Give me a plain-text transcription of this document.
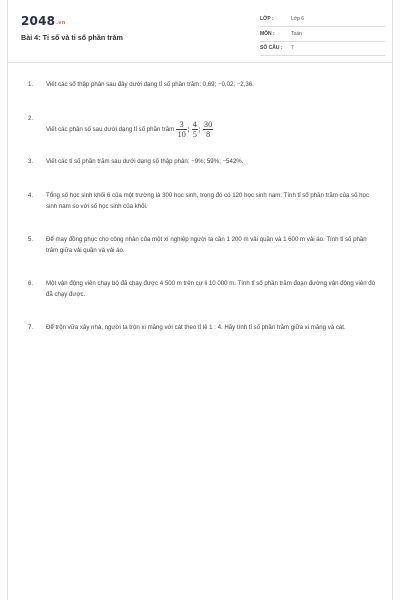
2048.vn
Bài 4: Tỉ số và tỉ số phần trăm
LỚP :	Lớp 6
MÔN :	Toán
SỐ CÂU : 7
1. Viết các số thập phân sau đây dưới dạng tỉ số phần trăm: 0,69; −0,02; −2,36.
2.
Viết các phân số sau dưới dạng tỉ số phần trăm $\frac{3}{10}$ ; $\frac{4}{5}$ ; $\frac{30}{8}$
3. Viết các tỉ số phần trăm sau dưới dạng số thập phân: −9%; 59%; −542%.
4. Tổng số học sinh khối 6 của một trường là 300 học sinh, trong đó có 120 học sinh nam. Tính tỉ số phần trăm của số học sinh nam so với số học sinh của khối.
5. Để may đồng phục cho công nhân của một xí nghiệp người ta cần 1 200 m vải quần và 1 600 m vải áo. Tính tỉ số phần trăm giữa vải quần và vải áo.
6. Một vận động viên chạy bộ đã chạy được 4 500 m trên cự li 10 000 m. Tính tỉ số phần trăm đoạn đường vận động viên đó đã chạy được.
7. Để trộn vữa xây nhà, người ta trộn xi măng với cát theo tỉ lệ 1 : 4. Hãy tính tỉ số phần trăm giữa xi măng và cát.
